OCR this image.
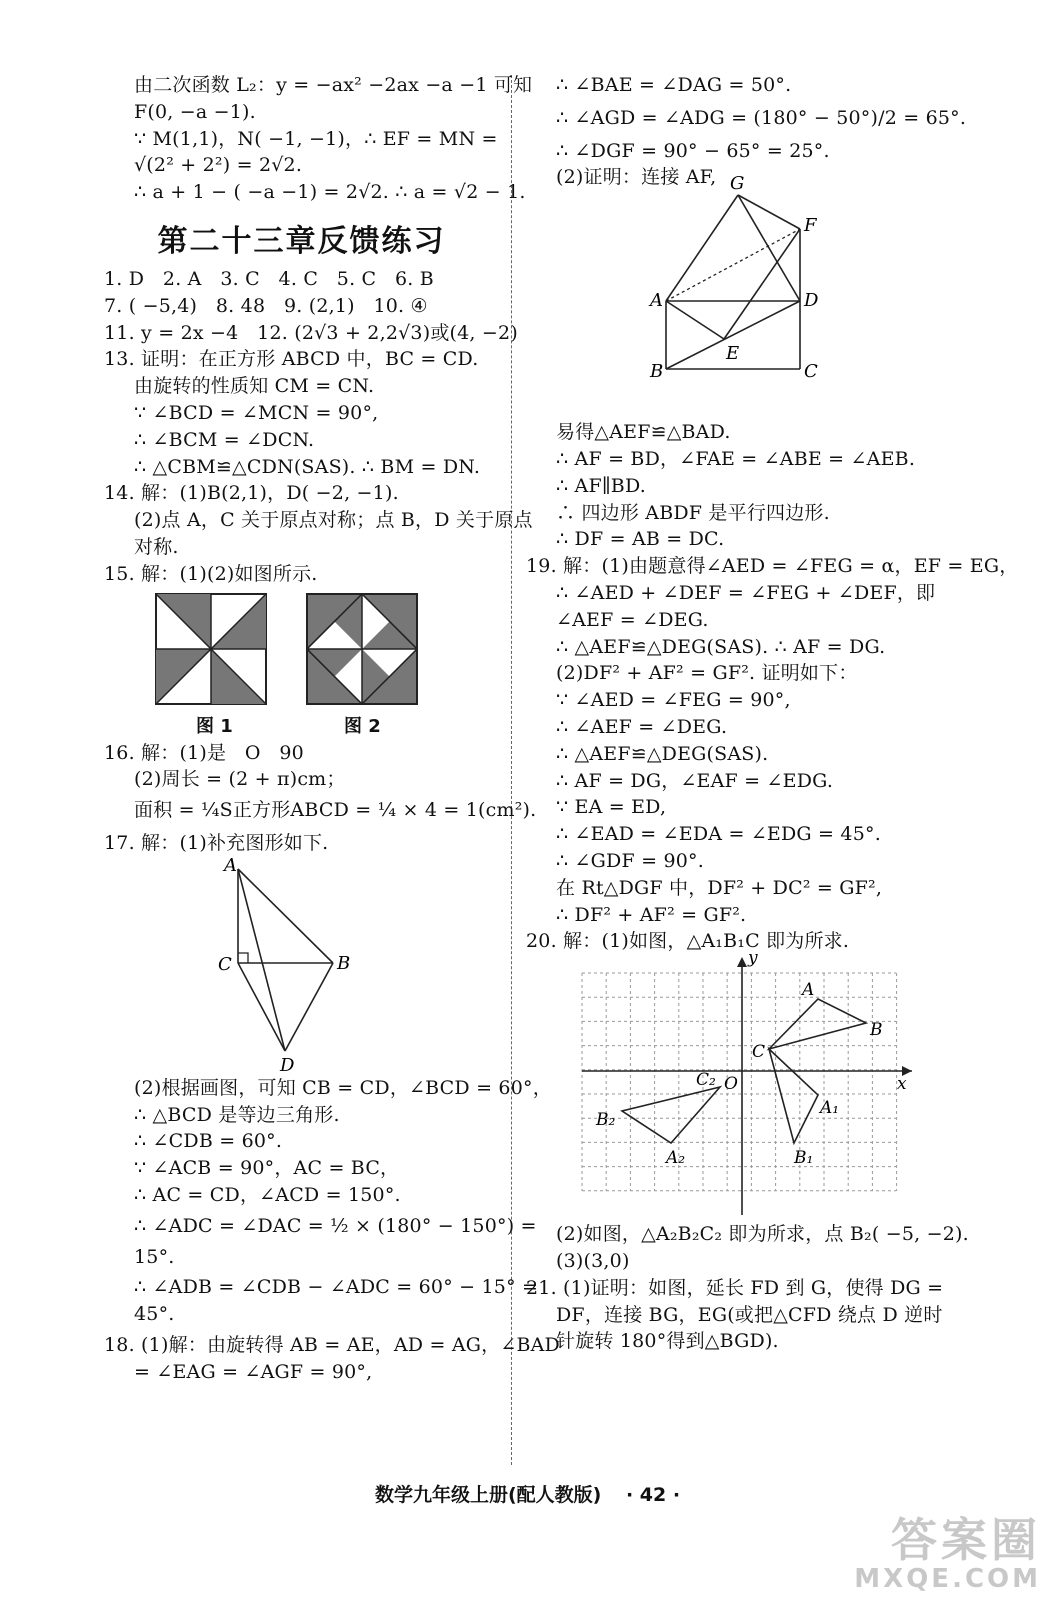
由二次函数 L₂：y = −ax² −2ax −a −1 可知
F(0, −a −1).
∵ M(1,1)，N( −1, −1)，∴ EF = MN =
√(2² + 2²) = 2√2.
∴ a + 1 − ( −a −1) = 2√2. ∴ a = √2 − 1.
第二十三章反馈练习
1. D   2. A   3. C   4. C   5. C   6. B
7. ( −5,4)   8. 48   9. (2,1)   10. ④
11. y = 2x −4   12. (2√3 + 2,2√3)或(4, −2)
13. 证明：在正方形 ABCD 中，BC = CD.
由旋转的性质知 CM = CN.
∵ ∠BCD = ∠MCN = 90°,
∴ ∠BCM = ∠DCN.
∴ △CBM≌△CDN(SAS). ∴ BM = DN.
14. 解：(1)B(2,1)，D( −2, −1).
(2)点 A，C 关于原点对称；点 B，D 关于原点
对称.
15. 解：(1)(2)如图所示.
图 1	图 2
16. 解：(1)是   O   90
(2)周长 = (2 + π)cm；
面积 = ¼S正方形ABCD = ¼ × 4 = 1(cm²).
17. 解：(1)补充图形如下.
A
B
C
D
(2)根据画图，可知 CB = CD，∠BCD = 60°，
∴ △BCD 是等边三角形.
∴ ∠CDB = 60°.
∵ ∠ACB = 90°，AC = BC，
∴ AC = CD，∠ACD = 150°.
∴ ∠ADC = ∠DAC = ½ × (180° − 150°) =
15°.
∴ ∠ADB = ∠CDB − ∠ADC = 60° − 15° =
45°.
18. (1)解：由旋转得 AB = AE，AD = AG，∠BAD
= ∠EAG = ∠AGF = 90°,
∴ ∠BAE = ∠DAG = 50°.
∴ ∠AGD = ∠ADG = (180° − 50°)/2 = 65°.
∴ ∠DGF = 90° − 65° = 25°.
(2)证明：连接 AF, G
F
A	D
E
B	C
易得△AEF≌△BAD.
∴ AF = BD，∠FAE = ∠ABE = ∠AEB.
∴ AF∥BD.
∴ 四边形 ABDF 是平行四边形.
∴ DF = AB = DC.
19. 解：(1)由题意得∠AED = ∠FEG = α，EF = EG，
∴ ∠AED + ∠DEF = ∠FEG + ∠DEF，即
∠AEF = ∠DEG.
∴ △AEF≌△DEG(SAS). ∴ AF = DG.
(2)DF² + AF² = GF². 证明如下：
∵ ∠AED = ∠FEG = 90°,
∴ ∠AEF = ∠DEG.
∴ △AEF≌△DEG(SAS).
∴ AF = DG，∠EAF = ∠EDG.
∵ EA = ED,
∴ ∠EAD = ∠EDA = ∠EDG = 45°.
∴ ∠GDF = 90°.
在 Rt△DGF 中，DF² + DC² = GF²,
∴ DF² + AF² = GF².
20. 解：(1)如图，△A₁B₁C 即为所求.
x
y
O
A
B
C
A₁
B₁
A₂
B₂
C₂
(2)如图，△A₂B₂C₂ 即为所求，点 B₂( −5, −2).
(3)(3,0)
21. (1)证明：如图，延长 FD 到 G，使得 DG =
DF，连接 BG，EG(或把△CFD 绕点 D 逆时
针旋转 180°得到△BGD).
数学九年级上册(配人教版) · 42 ·
答案圈
MXQE.COM
